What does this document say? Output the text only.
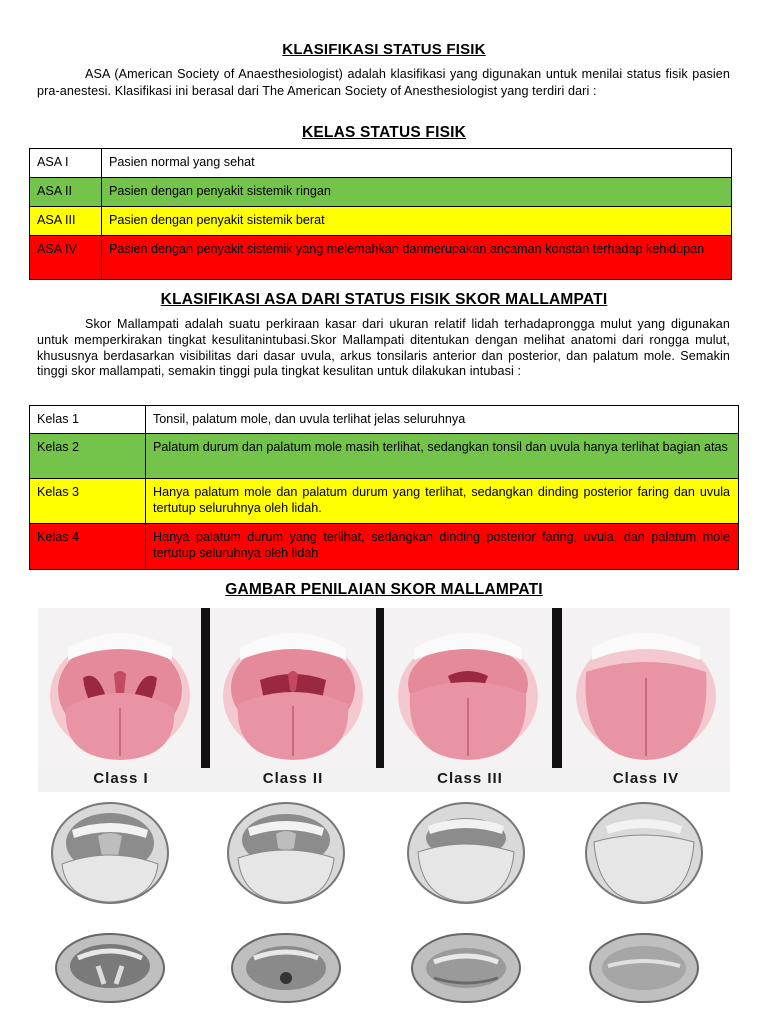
KLASIFIKASI STATUS FISIK
ASA (American Society of Anaesthesiologist) adalah klasifikasi yang digunakan untuk menilai status fisik pasien pra-anestesi. Klasifikasi ini berasal dari The American Society of Anesthesiologist yang terdiri dari :
KELAS STATUS FISIK
ASA I	Pasien normal yang sehat
ASA II	Pasien dengan penyakit sistemik ringan
ASA III	Pasien dengan penyakit sistemik berat
ASA IV	Pasien dengan penyakit sistemik yang melemahkan danmerupakan ancaman konstan terhadap kehidupan
KLASIFIKASI ASA DARI STATUS FISIK SKOR MALLAMPATI
Skor Mallampati adalah suatu perkiraan kasar dari ukuran relatif lidah terhadaprongga mulut yang digunakan untuk memperkirakan tingkat kesulitanintubasi.Skor Mallampati ditentukan dengan melihat anatomi dari rongga mulut, khususnya berdasarkan visibilitas dari dasar uvula, arkus tonsilaris anterior dan posterior, dan palatum mole. Semakin tinggi skor mallampati, semakin tinggi pula tingkat kesulitan untuk dilakukan intubasi :
Kelas 1	Tonsil, palatum mole, dan uvula terlihat jelas seluruhnya
Kelas 2	Palatum durum dan palatum mole masih terlihat, sedangkan tonsil dan uvula hanya terlihat bagian atas
Kelas 3	Hanya palatum mole dan palatum durum yang terlihat, sedangkan dinding posterior faring dan uvula tertutup seluruhnya oleh lidah.
Kelas 4	Hanya palatum durum yang terlihat, sedangkan dinding posterior faring, uvula, dan palatum mole tertutup seluruhnya oleh lidah
GAMBAR PENILAIAN SKOR MALLAMPATI
Class I	Class II	Class III	Class IV
